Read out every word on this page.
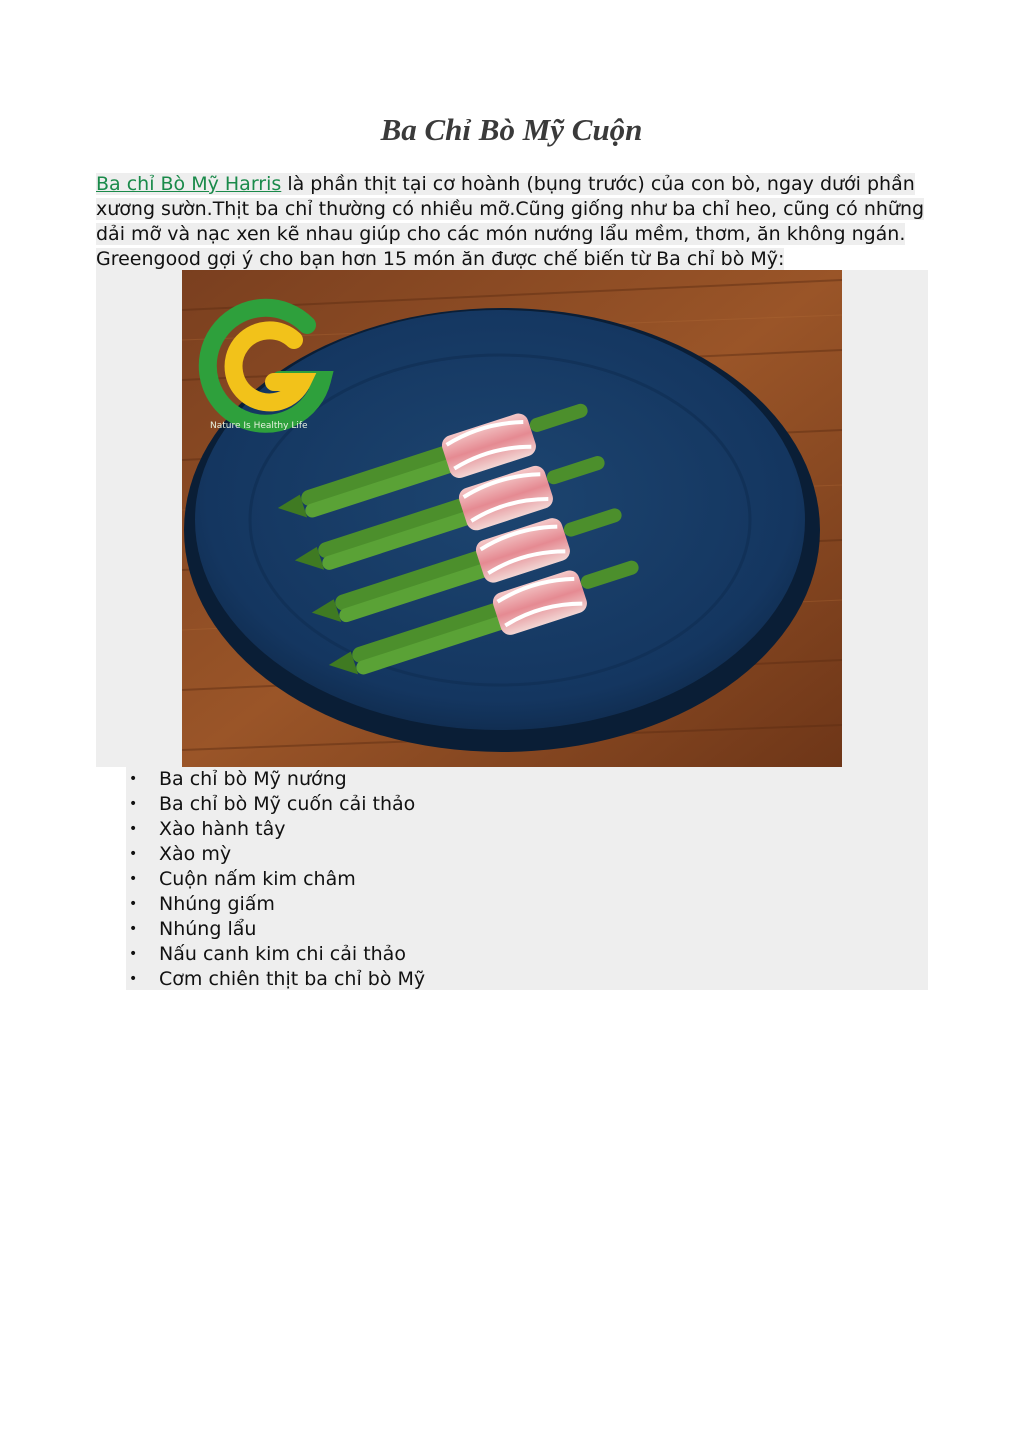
Ba Chỉ Bò Mỹ Cuộn
Ba chỉ Bò Mỹ Harris là phần thịt tại cơ hoành (bụng trước) của con bò, ngay dưới phần
xương sườn.Thịt ba chỉ thường có nhiều mỡ.Cũng giống như ba chỉ heo, cũng có những
dải mỡ và nạc xen kẽ nhau giúp cho các món nướng lẩu mềm, thơm, ăn không ngán.
Greengood gợi ý cho bạn hơn 15 món ăn được chế biến từ Ba chỉ bò Mỹ:
Nature Is Healthy Life
• Ba chỉ bò Mỹ nướng
• Ba chỉ bò Mỹ cuốn cải thảo
• Xào hành tây
• Xào mỳ
• Cuộn nấm kim châm
• Nhúng giấm
• Nhúng lẩu
• Nấu canh kim chi cải thảo
• Cơm chiên thịt ba chỉ bò Mỹ
